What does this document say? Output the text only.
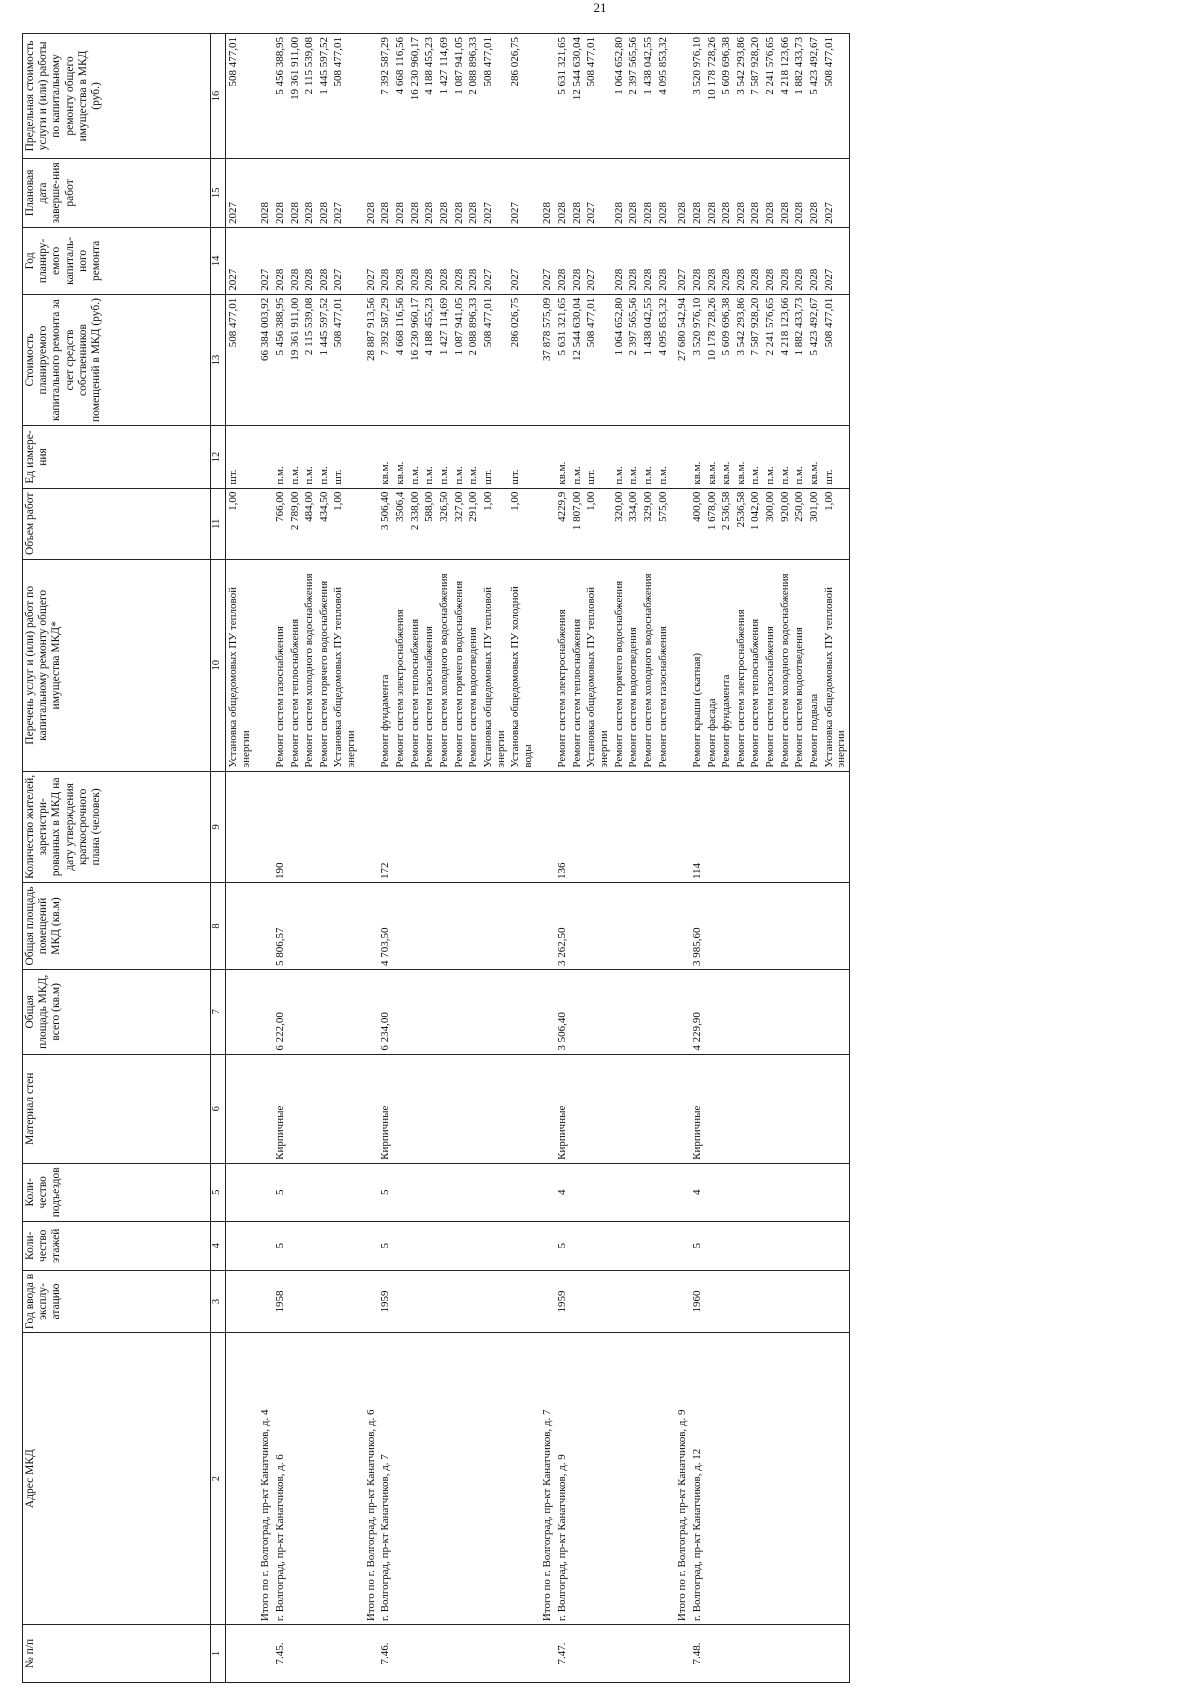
21
№ п/п	Адрес МКД	Год ввода в эксплу-атацию	Коли-чество этажей	Коли-чество подъездов	Материал стен	Общая площадь МКД, всего (кв.м)	Общая площадь помещений МКД (кв.м)	Количество жителей, зарегистри-рованных в МКД на дату утверждения краткосрочного плана (человек)	Перечень услуг и (или) работ по капитальному ремонту общего имущества МКД*	Объем работ	Ед измере-ния	Стоимость планируемого капитального ремонта за счет средств собственников помещений в МКД (руб.)	Год планиру-емого капиталь-ного ремонта	Плановая дата заверше-ния работ	Предельная стоимость услуги и (или) работы по капитальному ремонту общего имущества в МКД (руб.)
1	2	3	4	5	6	7	8	9	10	11	12	13	14	15	16
									Установка общедомовых ПУ тепловой энергии	1,00	шт.	508 477,01	2027	2027	508 477,01
	Итого по г. Волгоград, пр-кт Канатчиков, д. 4											66 384 003,92	2027	2028	
7.45.	г. Волгоград, пр-кт Канатчиков, д. 6	1958	5	5	Кирпичные	6 222,00	5 806,57	190	Ремонт систем газоснабжения	766,00	п.м.	5 456 388,95	2028	2028	5 456 388,95
									Ремонт систем теплоснабжения	2 789,00	п.м.	19 361 911,00	2028	2028	19 361 911,00
									Ремонт систем холодного водоснабжения	484,00	п.м.	2 115 539,08	2028	2028	2 115 539,08
									Ремонт систем горячего водоснабжения	434,50	п.м.	1 445 597,52	2028	2028	1 445 597,52
									Установка общедомовых ПУ тепловой энергии	1,00	шт.	508 477,01	2027	2027	508 477,01
	Итого по г. Волгоград, пр-кт Канатчиков, д. 6											28 887 913,56	2027	2028	
7.46.	г. Волгоград, пр-кт Канатчиков, д. 7	1959	5	5	Кирпичные	6 234,00	4 703,50	172	Ремонт фундамента	3 506,40	кв.м.	7 392 587,29	2028	2028	7 392 587,29
									Ремонт систем электроснабжения	3506,4	кв.м.	4 668 116,56	2028	2028	4 668 116,56
									Ремонт систем теплоснабжения	2 338,00	п.м.	16 230 960,17	2028	2028	16 230 960,17
									Ремонт систем газоснабжения	588,00	п.м.	4 188 455,23	2028	2028	4 188 455,23
									Ремонт систем холодного водоснабжения	326,50	п.м.	1 427 114,69	2028	2028	1 427 114,69
									Ремонт систем горячего водоснабжения	327,00	п.м.	1 087 941,05	2028	2028	1 087 941,05
									Ремонт систем водоотведения	291,00	п.м.	2 088 896,33	2028	2028	2 088 896,33
									Установка общедомовых ПУ тепловой энергии	1,00	шт.	508 477,01	2027	2027	508 477,01
									Установка общедомовых ПУ холодной воды	1,00	шт.	286 026,75	2027	2027	286 026,75
	Итого по г. Волгоград, пр-кт Канатчиков, д. 7											37 878 575,09	2027	2028	
7.47.	г. Волгоград, пр-кт Канатчиков, д. 9	1959	5	4	Кирпичные	3 506,40	3 262,50	136	Ремонт систем электроснабжения	4229,9	кв.м.	5 631 321,65	2028	2028	5 631 321,65
									Ремонт систем теплоснабжения	1 807,00	п.м.	12 544 630,04	2028	2028	12 544 630,04
									Установка общедомовых ПУ тепловой энергии	1,00	шт.	508 477,01	2027	2027	508 477,01
									Ремонт систем горячего водоснабжения	320,00	п.м.	1 064 652,80	2028	2028	1 064 652,80
									Ремонт систем водоотведения	334,00	п.м.	2 397 565,56	2028	2028	2 397 565,56
									Ремонт систем холодного водоснабжения	329,00	п.м.	1 438 042,55	2028	2028	1 438 042,55
									Ремонт систем газоснабжения	575,00	п.м.	4 095 853,32	2028	2028	4 095 853,32
	Итого по г. Волгоград, пр-кт Канатчиков, д. 9											27 680 542,94	2027	2028	
7.48.	г. Волгоград, пр-кт Канатчиков, д. 12	1960	5	4	Кирпичные	4 229,90	3 985,60	114	Ремонт крыши (скатная)	400,00	кв.м.	3 520 976,10	2028	2028	3 520 976,10
									Ремонт фасада	1 678,00	кв.м.	10 178 728,26	2028	2028	10 178 728,26
									Ремонт фундамента	2 536,58	кв.м.	5 609 696,38	2028	2028	5 609 696,38
									Ремонт систем электроснабжения	2536,58	кв.м.	3 542 293,86	2028	2028	3 542 293,86
									Ремонт систем теплоснабжения	1 042,00	п.м.	7 587 928,20	2028	2028	7 587 928,20
									Ремонт систем газоснабжения	300,00	п.м.	2 241 576,65	2028	2028	2 241 576,65
									Ремонт систем холодного водоснабжения	920,00	п.м.	4 218 123,66	2028	2028	4 218 123,66
									Ремонт систем водоотведения	250,00	п.м.	1 882 433,73	2028	2028	1 882 433,73
									Ремонт подвала	301,00	кв.м.	5 423 492,67	2028	2028	5 423 492,67
									Установка общедомовых ПУ тепловой энергии	1,00	шт.	508 477,01	2027	2027	508 477,01
